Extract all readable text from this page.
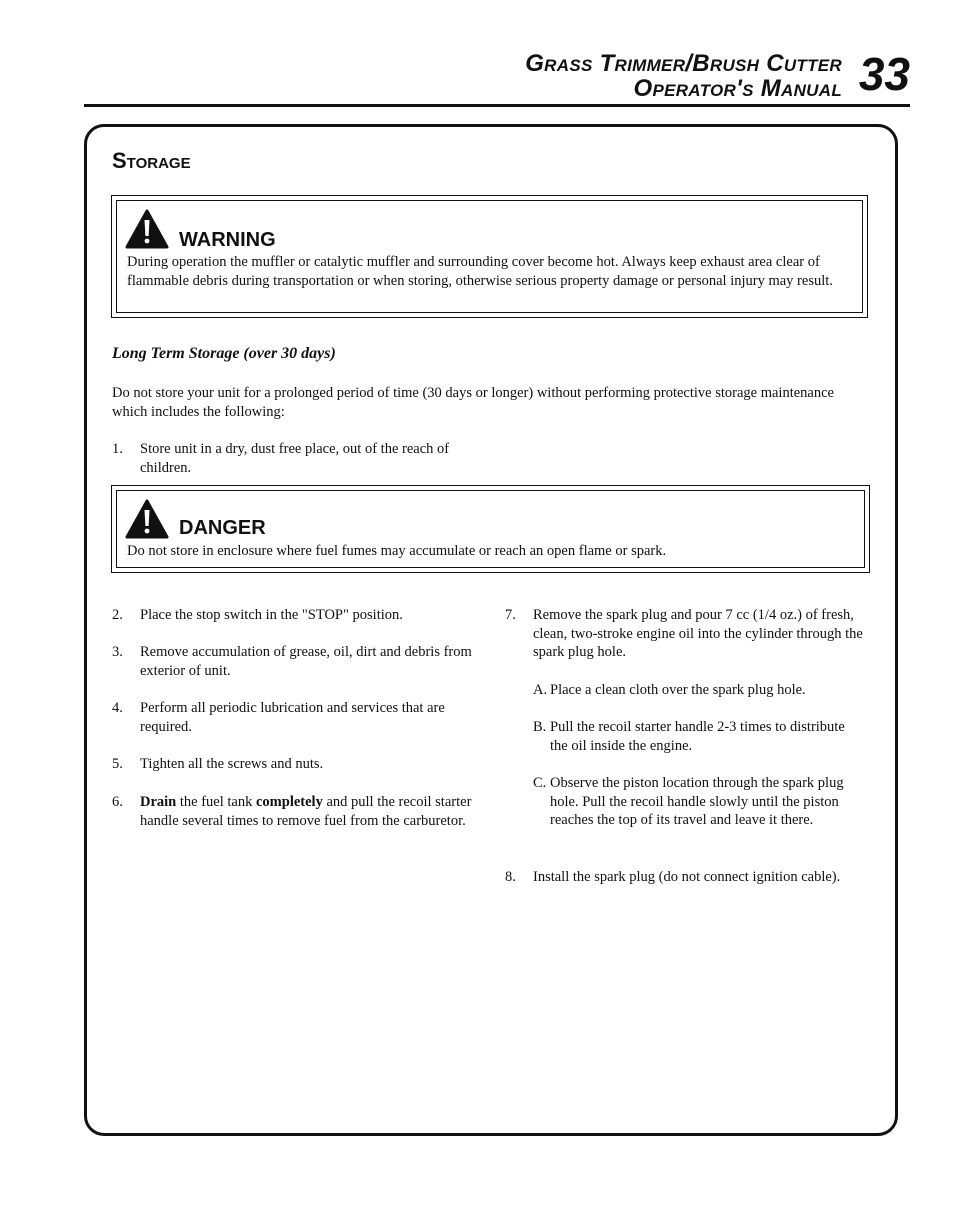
Grass Trimmer/Brush Cutter
Operator's Manual 33
Storage
WARNING
During operation the muffler or catalytic muffler and surrounding cover become hot. Always keep exhaust area clear of flammable debris during transportation or when storing, otherwise serious property damage or personal injury may result.
Long Term Storage (over 30 days)
Do not store your unit for a prolonged period of time (30 days or longer) without performing protective storage maintenance which includes the following:
1. Store unit in a dry, dust free place, out of the reach of children.
DANGER
Do not store in enclosure where fuel fumes may accumulate or reach an open flame or spark.
2. Place the stop switch in the "STOP" position.
3. Remove accumulation of grease, oil, dirt and debris from exterior of unit.
4. Perform all periodic lubrication and services that are required.
5. Tighten all the screws and nuts.
6. Drain the fuel tank completely and pull the recoil starter handle several times to remove fuel from the carburetor.
7. Remove the spark plug and pour 7 cc (1/4 oz.) of fresh, clean, two-stroke engine oil into the cylinder through the spark plug hole.
A. Place a clean cloth over the spark plug hole.
B. Pull the recoil starter handle 2-3 times to distribute the oil inside the engine.
C. Observe the piston location through the spark plug hole. Pull the recoil handle slowly until the piston reaches the top of its travel and leave it there.
8. Install the spark plug (do not connect ignition cable).
